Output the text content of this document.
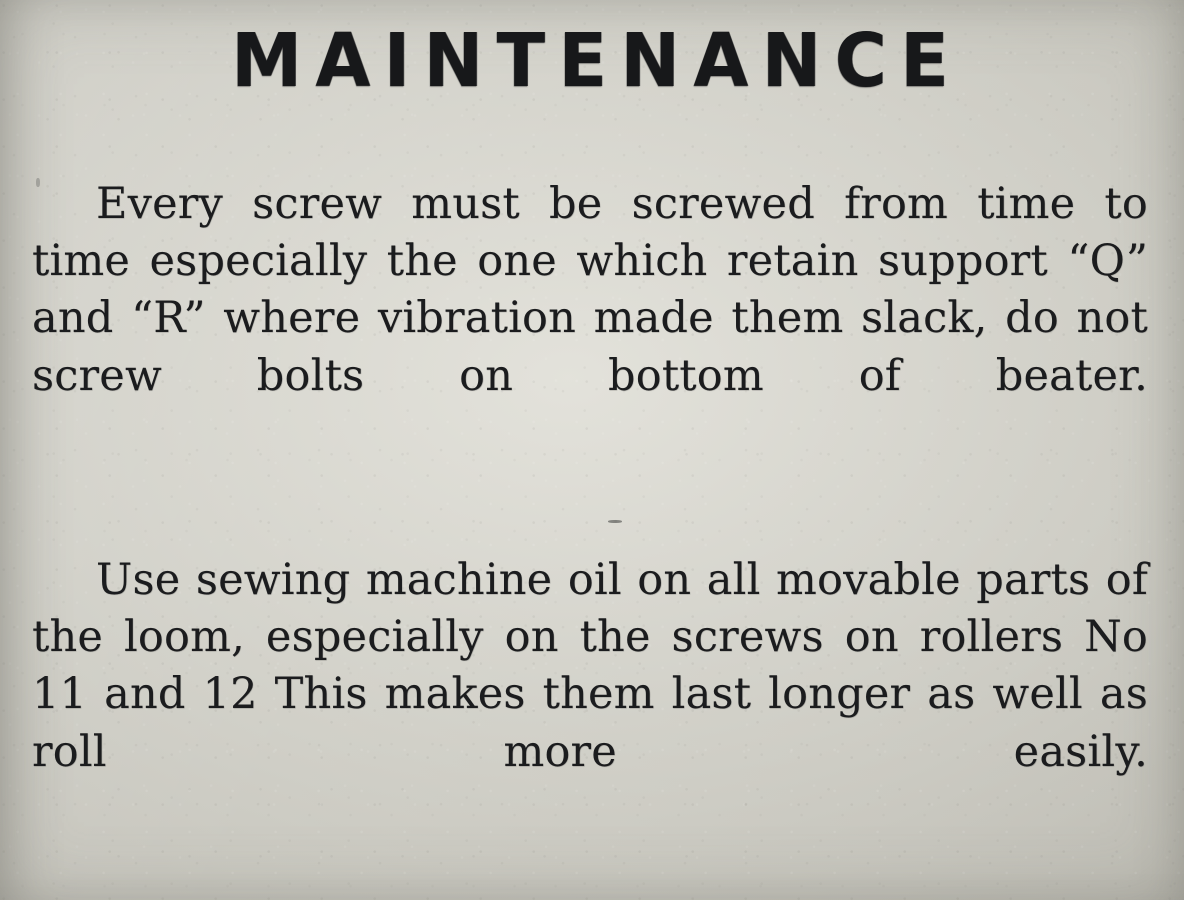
MAINTENANCE

Every screw must be screwed from time to time especially the one which retain support “Q” and “R” where vibration made them slack, do not screw bolts on bottom of beater.

Use sewing machine oil on all movable parts of the loom, especially on the screws on rollers No 11 and 12 This makes them last longer as well as roll more easily.
